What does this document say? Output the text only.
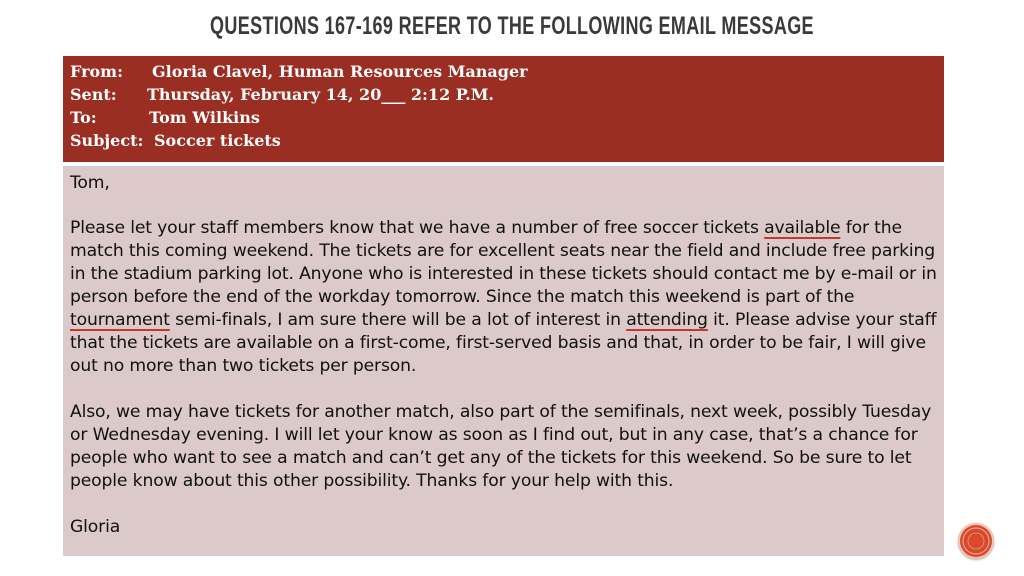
QUESTIONS 167-169 REFER TO THE FOLLOWING EMAIL MESSAGE
From: Gloria Clavel, Human Resources Manager
Sent: Thursday, February 14, 20___ 2:12 P.M.
To:	Tom Wilkins
Subject: Soccer tickets

Tom,

Please let your staff members know that we have a number of free soccer tickets available for the match this coming weekend. The tickets are for excellent seats near the field and include free parking in the stadium parking lot. Anyone who is interested in these tickets should contact me by e-mail or in person before the end of the workday tomorrow. Since the match this weekend is part of the tournament semi-finals, I am sure there will be a lot of interest in attending it. Please advise your staff that the tickets are available on a first-come, first-served basis and that, in order to be fair, I will give out no more than two tickets per person.

Also, we may have tickets for another match, also part of the semifinals, next week, possibly Tuesday or Wednesday evening. I will let your know as soon as I find out, but in any case, that’s a chance for people who want to see a match and can’t get any of the tickets for this weekend. So be sure to let people know about this other possibility. Thanks for your help with this.

Gloria
